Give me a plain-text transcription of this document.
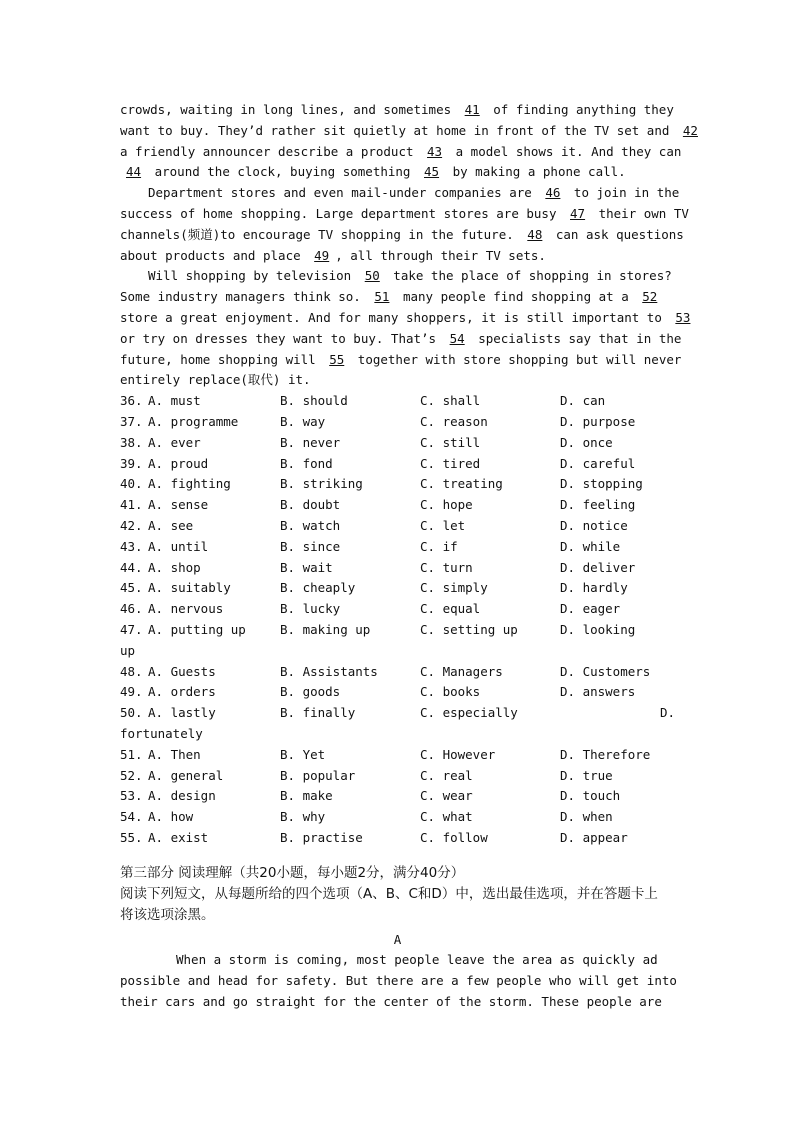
crowds, waiting in long lines, and sometimes 41 of finding anything they
want to buy. They’d rather sit quietly at home in front of the TV set and 42
a friendly announcer describe a product 43 a model shows it. And they can
44 around the clock, buying something 45 by making a phone call.
Department stores and even mail-under companies are 46 to join in the
success of home shopping. Large department stores are busy 47 their own TV
channels(频道)to encourage TV shopping in the future. 48 can ask questions
about products and place 49 , all through their TV sets.
Will shopping by television 50 take the place of shopping in stores?
Some industry managers think so. 51 many people find shopping at a 52
store a great enjoyment. And for many shoppers, it is still important to 53
or try on dresses they want to buy. That’s 54 specialists say that in the
future, home shopping will 55 together with store shopping but will never
entirely replace(取代) it.
36. A. must	B. should	C. shall	D. can
37. A. programme	B. way	C. reason	D. purpose
38. A. ever	B. never	C. still	D. once
39. A. proud	B. fond	C. tired	D. careful
40. A. fighting	B. striking	C. treating	D. stopping
41. A. sense	B. doubt	C. hope	D. feeling
42. A. see	B. watch	C. let	D. notice
43. A. until	B. since	C. if	D. while
44. A. shop	B. wait	C. turn	D. deliver
45. A. suitably	B. cheaply	C. simply	D. hardly
46. A. nervous	B. lucky	C. equal	D. eager
47. A. putting up	B. making up	C. setting up	D. looking
up
48. A. Guests	B. Assistants	C. Managers	D. Customers
49. A. orders	B. goods	C. books	D. answers
50. A. lastly	B. finally	C. especially	D.
fortunately
51. A. Then	B. Yet	C. However	D. Therefore
52. A. general	B. popular	C. real	D. true
53. A. design	B. make	C. wear	D. touch
54. A. how	B. why	C. what	D. when
55. A. exist	B. practise	C. follow	D. appear
第三部分 阅读理解（共20小题，每小题2分，满分40分）
阅读下列短文，从每题所给的四个选项（A、B、C和D）中，选出最佳选项，并在答题卡上
将该选项涂黑。
A
When a storm is coming, most people leave the area as quickly ad
possible and head for safety. But there are a few people who will get into
their cars and go straight for the center of the storm. These people are
